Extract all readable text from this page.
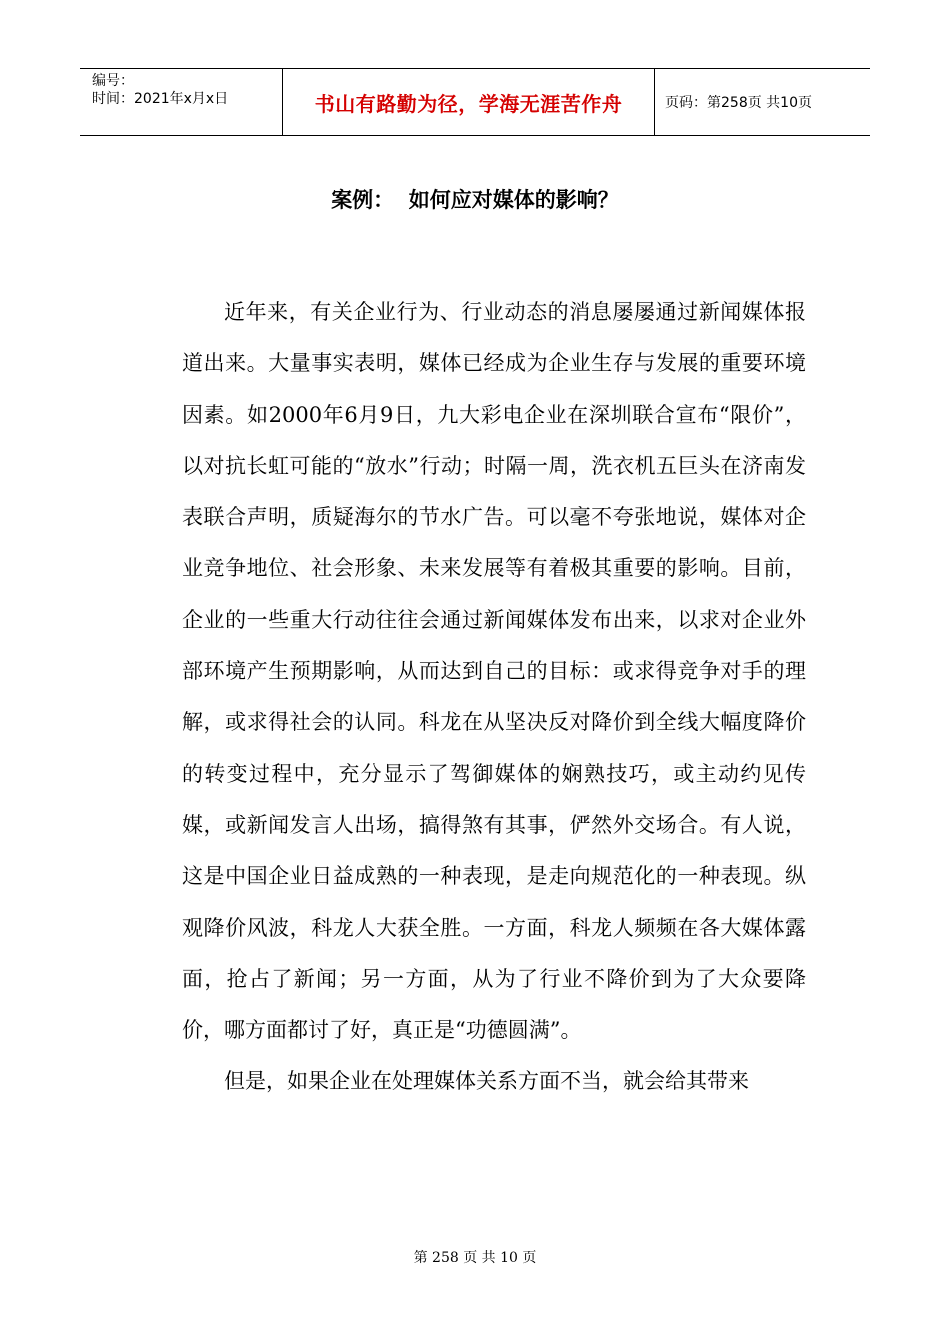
编号：
时间：2021年x月x日	书山有路勤为径，学海无涯苦作舟	页码：第258页 共10页
案例：  如何应对媒体的影响？

近年来，有关企业行为、行业动态的消息屡屡通过新闻媒体报道出来。大量事实表明，媒体已经成为企业生存与发展的重要环境因素。如2000年6月9日，九大彩电企业在深圳联合宣布“限价”，以对抗长虹可能的“放水”行动；时隔一周，洗衣机五巨头在济南发表联合声明，质疑海尔的节水广告。可以毫不夸张地说，媒体对企业竞争地位、社会形象、未来发展等有着极其重要的影响。目前，企业的一些重大行动往往会通过新闻媒体发布出来，以求对企业外部环境产生预期影响，从而达到自己的目标：或求得竞争对手的理解，或求得社会的认同。科龙在从坚决反对降价到全线大幅度降价的转变过程中，充分显示了驾御媒体的娴熟技巧，或主动约见传媒，或新闻发言人出场，搞得煞有其事，俨然外交场合。有人说，这是中国企业日益成熟的一种表现，是走向规范化的一种表现。纵观降价风波，科龙人大获全胜。一方面，科龙人频频在各大媒体露面，抢占了新闻；另一方面，从为了行业不降价到为了大众要降价，哪方面都讨了好，真正是“功德圆满”。

但是，如果企业在处理媒体关系方面不当，就会给其带来

第 258 页 共 10 页
